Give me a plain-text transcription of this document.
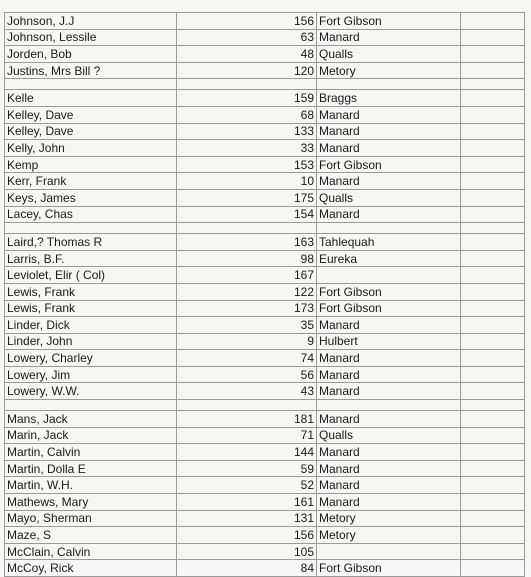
Johnson, J.J	156	Fort Gibson	
Johnson, Lessile	63	Manard	
Jorden, Bob	48	Qualls	
Justins, Mrs Bill ?	120	Metory	

Kelle	159	Braggs	
Kelley, Dave	68	Manard	
Kelley, Dave	133	Manard	
Kelly, John	33	Manard	
Kemp	153	Fort Gibson	
Kerr, Frank	10	Manard	
Keys, James	175	Qualls	
Lacey, Chas	154	Manard	

Laird,? Thomas R	163	Tahlequah	
Larris, B.F.	98	Eureka	
Leviolet, Elir ( Col)	167		
Lewis, Frank	122	Fort Gibson	
Lewis, Frank	173	Fort Gibson	
Linder, Dick	35	Manard	
Linder, John	9	Hulbert	
Lowery, Charley	74	Manard	
Lowery, Jim	56	Manard	
Lowery, W.W.	43	Manard	

Mans, Jack	181	Manard	
Marin, Jack	71	Qualls	
Martin, Calvin	144	Manard	
Martin, Dolla E	59	Manard	
Martin, W.H.	52	Manard	
Mathews, Mary	161	Manard	
Mayo, Sherman	131	Metory	
Maze, S	156	Metory	
McClain, Calvin	105		
McCoy, Rick	84	Fort Gibson	
